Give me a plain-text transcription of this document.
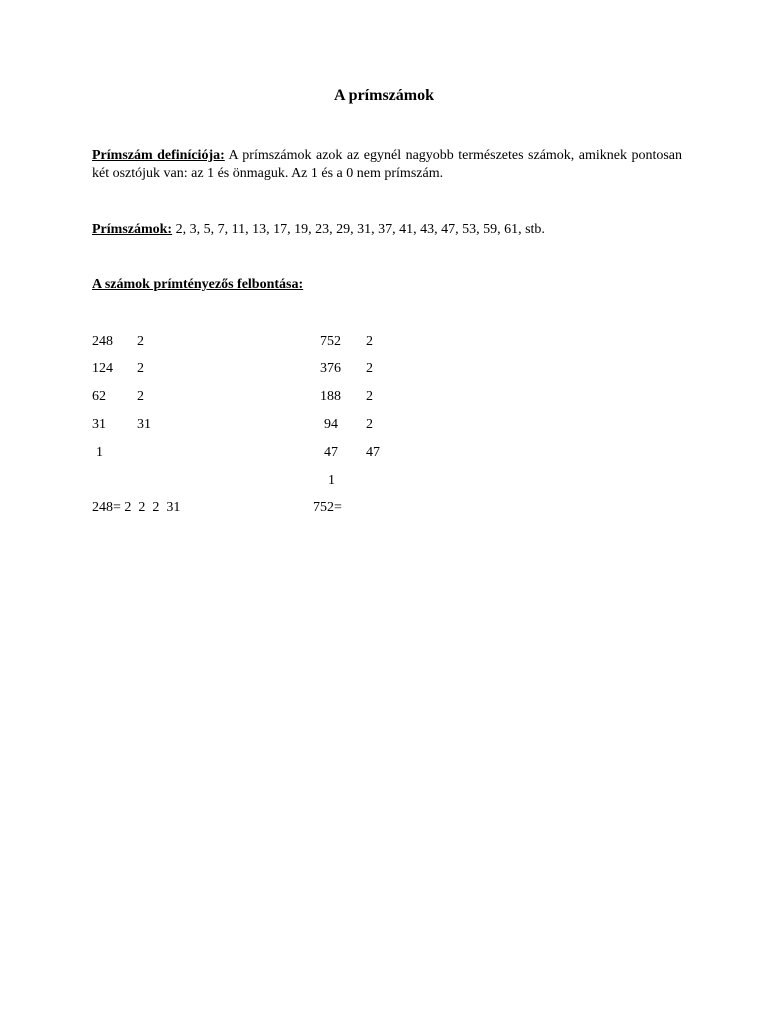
A prímszámok
Prímszám definíciója: A prímszámok azok az egynél nagyobb természetes számok, amiknek pontosan két osztójuk van: az 1 és önmaguk. Az 1 és a 0 nem prímszám.
Prímszámok: 2, 3, 5, 7, 11, 13, 17, 19, 23, 29, 31, 37, 41, 43, 47, 53, 59, 61, stb.
A számok prímtényezős felbontása:
248 2
124 2
62 2
31 31
1
248= 2  2  2  31
752 2
376 2
188 2
94 2
47 47
1
752=
